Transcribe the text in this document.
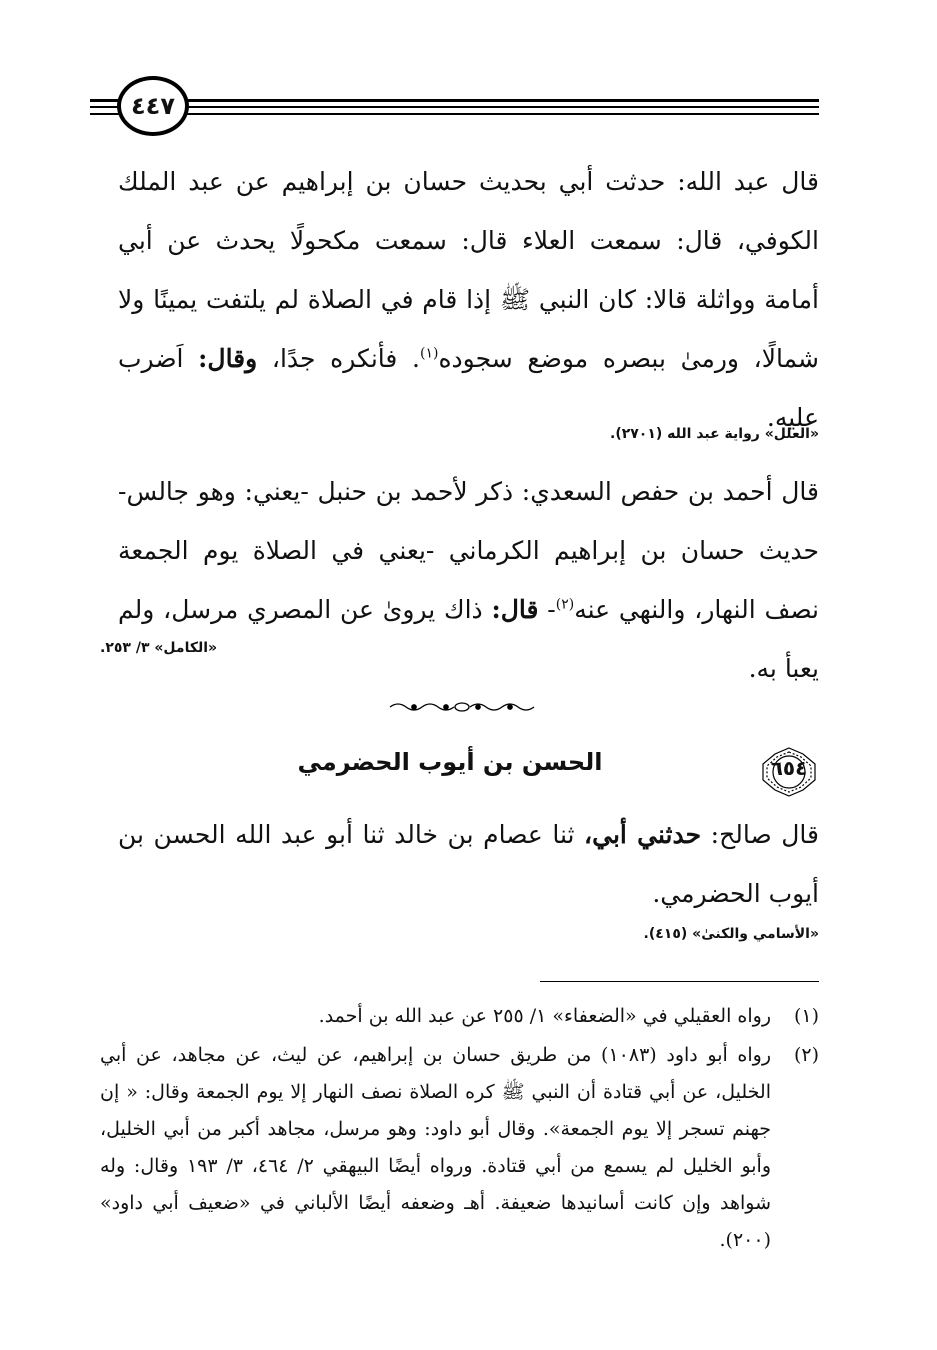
٤٤٧

قال عبد الله: حدثت أبي بحديث حسان بن إبراهيم عن عبد الملك الكوفي، قال: سمعت العلاء قال: سمعت مكحولًا يحدث عن أبي أمامة وواثلة قالا: كان النبي ﷺ إذا قام في الصلاة لم يلتفت يمينًا ولا شمالًا، ورمىٰ ببصره موضع سجوده$^{(١)}$. فأنكره جدًا، وقال: اَضرب عليه.

«العلل» رواية عبد الله (٢٧٠١).

قال أحمد بن حفص السعدي: ذكر لأحمد بن حنبل -يعني: وهو جالس- حديث حسان بن إبراهيم الكرماني -يعني في الصلاة يوم الجمعة نصف النهار، والنهي عنه$^{(٢)}$- قال: ذاك يروىٰ عن المصري مرسل، ولم يعبأ به.

«الكامل» ٣/ ٢٥٣.
٦٥٤
الحسن بن أيوب الحضرمي

قال صالح: حدثني أبي، ثنا عصام بن خالد ثنا أبو عبد الله الحسن بن أيوب الحضرمي.

«الأسامي والكنىٰ» (٤١٥).
(١)
رواه العقيلي في «الضعفاء» ١/ ٢٥٥ عن عبد الله بن أحمد.
(٢)
رواه أبو داود (١٠٨٣) من طريق حسان بن إبراهيم، عن ليث، عن مجاهد، عن أبي الخليل، عن أبي قتادة أن النبي ﷺ كره الصلاة نصف النهار إلا يوم الجمعة وقال: « إن جهنم تسجر إلا يوم الجمعة». وقال أبو داود: وهو مرسل، مجاهد أكبر من أبي الخليل، وأبو الخليل لم يسمع من أبي قتادة. ورواه أيضًا البيهقي ٢/ ٤٦٤، ٣/ ١٩٣ وقال: وله شواهد وإن كانت أسانيدها ضعيفة. أهـ وضعفه أيضًا الألباني في «ضعيف أبي داود» (٢٠٠).
